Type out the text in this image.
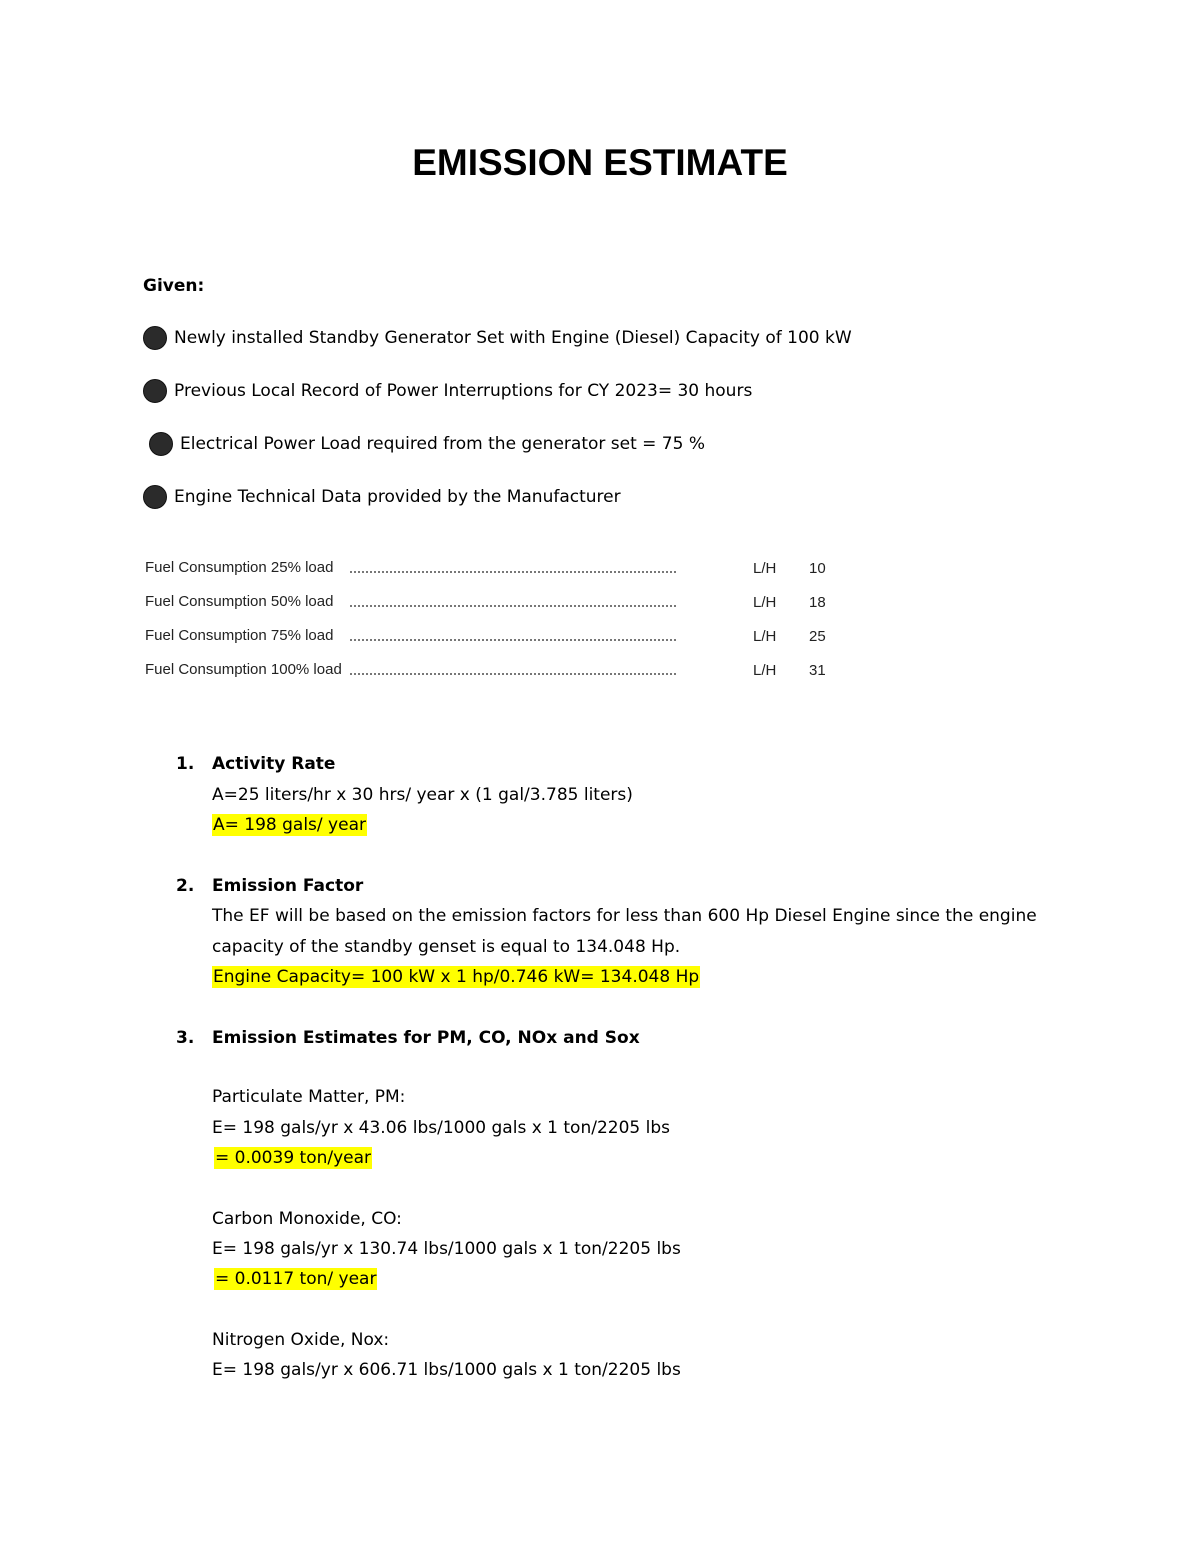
EMISSION ESTIMATE
Given:
Newly installed Standby Generator Set with Engine (Diesel) Capacity of 100 kW
Previous Local Record of Power Interruptions for CY 2023= 30 hours
Electrical Power Load required from the generator set = 75 %
Engine Technical Data provided by the Manufacturer
Fuel Consumption 25% load	L/H 10
Fuel Consumption 50% load	L/H 18
Fuel Consumption 75% load	L/H 25
Fuel Consumption 100% load	L/H 31
1. Activity Rate
A=25 liters/hr x 30 hrs/ year x (1 gal/3.785 liters)
A= 198 gals/ year
2. Emission Factor
The EF will be based on the emission factors for less than 600 Hp Diesel Engine since the engine
capacity of the standby genset is equal to 134.048 Hp.
Engine Capacity= 100 kW x 1 hp/0.746 kW= 134.048 Hp
3. Emission Estimates for PM, CO, NOx and Sox
Particulate Matter, PM:
E= 198 gals/yr x 43.06 lbs/1000 gals x 1 ton/2205 lbs
= 0.0039 ton/year
Carbon Monoxide, CO:
E= 198 gals/yr x 130.74 lbs/1000 gals x 1 ton/2205 lbs
= 0.0117 ton/ year
Nitrogen Oxide, Nox:
E= 198 gals/yr x 606.71 lbs/1000 gals x 1 ton/2205 lbs
